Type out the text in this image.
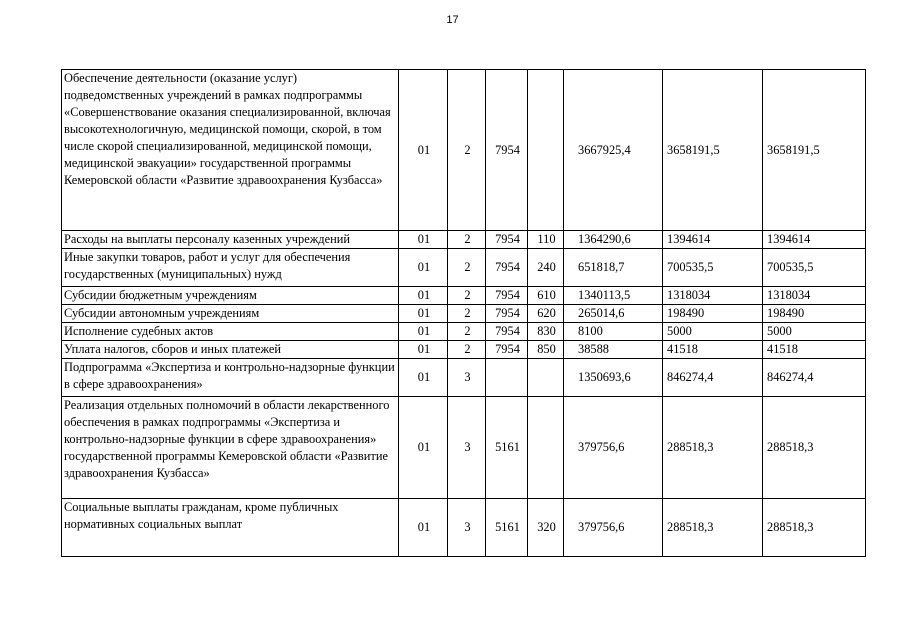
17
Обеспечение деятельности (оказание услуг) подведомственных учреждений в рамках подпрограммы «Совершенствование оказания специализированной, включая высокотехнологичную, медицинской помощи, скорой, в том числе скорой специализированной, медицинской помощи, медицинской эвакуации» государственной программы Кемеровской области «Развитие здравоохранения Кузбасса»	01	2	7954		3667925,4	3658191,5	3658191,5
Расходы на выплаты персоналу казенных учреждений	01	2	7954	110	1364290,6	1394614	1394614
Иные закупки товаров, работ и услуг для обеспечения государственных (муниципальных) нужд	01	2	7954	240	651818,7	700535,5	700535,5
Субсидии бюджетным учреждениям	01	2	7954	610	1340113,5	1318034	1318034
Субсидии автономным учреждениям	01	2	7954	620	265014,6	198490	198490
Исполнение судебных актов	01	2	7954	830	8100	5000	5000
Уплата налогов, сборов и иных платежей	01	2	7954	850	38588	41518	41518
Подпрограмма «Экспертиза и контрольно-надзорные функции в сфере здравоохранения»	01	3			1350693,6	846274,4	846274,4
Реализация отдельных полномочий в области лекарственного обеспечения в рамках подпрограммы «Экспертиза и контрольно-надзорные функции в сфере здравоохранения» государственной программы Кемеровской области «Развитие здравоохранения Кузбасса»	01	3	5161		379756,6	288518,3	288518,3
Социальные выплаты гражданам, кроме публичных нормативных социальных выплат	01	3	5161	320	379756,6	288518,3	288518,3
